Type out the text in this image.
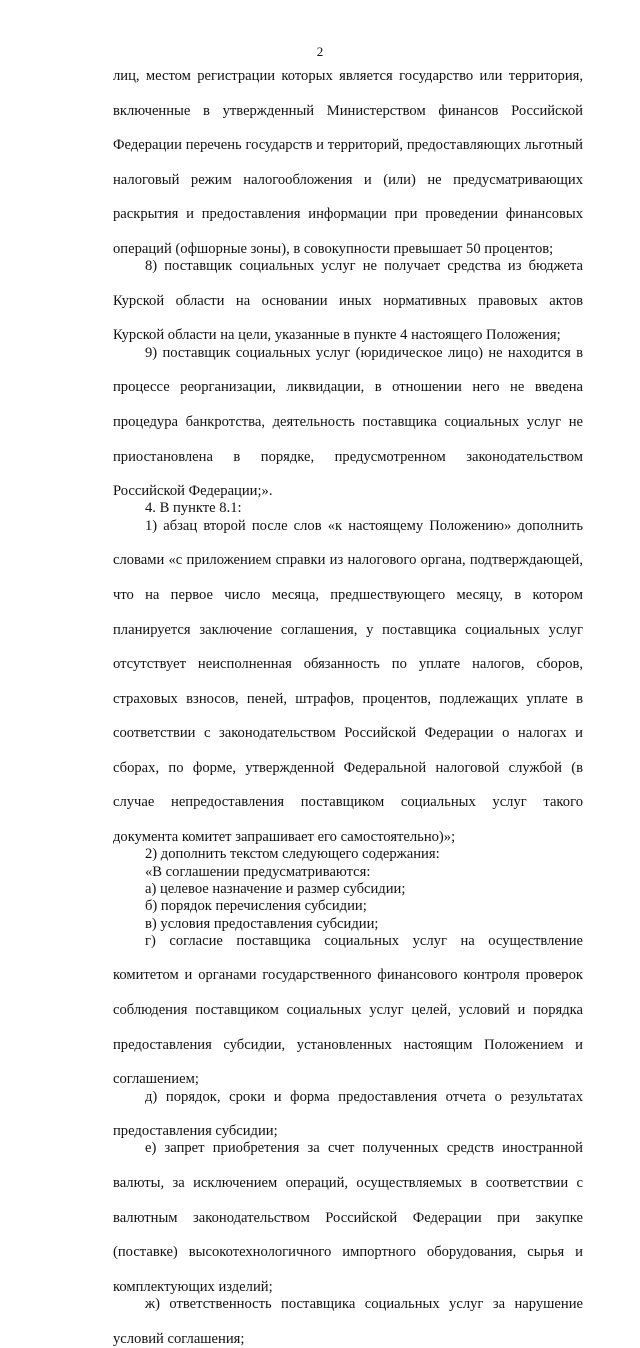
2

лиц, местом регистрации которых является государство или территория,

включенные в утвержденный Министерством финансов Российской

Федерации перечень государств и территорий, предоставляющих льготный

налоговый режим налогообложения и (или) не предусматривающих

раскрытия и предоставления информации при проведении финансовых

операций (офшорные зоны), в совокупности превышает 50 процентов;

8) поставщик социальных услуг не получает средства из бюджета

Курской области на основании иных нормативных правовых актов

Курской области на цели, указанные в пункте 4 настоящего Положения;

9) поставщик социальных услуг (юридическое лицо) не находится в

процессе реорганизации, ликвидации, в отношении него не введена

процедура банкротства, деятельность поставщика социальных услуг не

приостановлена в порядке, предусмотренном законодательством

Российской Федерации;».

4. В пункте 8.1:

1) абзац второй после слов «к настоящему Положению» дополнить

словами «с приложением справки из налогового органа, подтверждающей,

что на первое число месяца, предшествующего месяцу, в котором

планируется заключение соглашения, у поставщика социальных услуг

отсутствует неисполненная обязанность по уплате налогов, сборов,

страховых взносов, пеней, штрафов, процентов, подлежащих уплате в

соответствии с законодательством Российской Федерации о налогах и

сборах, по форме, утвержденной Федеральной налоговой службой (в

случае непредоставления поставщиком социальных услуг такого

документа комитет запрашивает его самостоятельно)»;

2) дополнить текстом следующего содержания:

«В соглашении предусматриваются:

а) целевое назначение и размер субсидии;

б) порядок перечисления субсидии;

в) условия предоставления субсидии;

г) согласие поставщика социальных услуг на осуществление

комитетом и органами государственного финансового контроля проверок

соблюдения поставщиком социальных услуг целей, условий и порядка

предоставления субсидии, установленных настоящим Положением и

соглашением;

д) порядок, сроки и форма предоставления отчета о результатах

предоставления субсидии;

е) запрет приобретения за счет полученных средств иностранной

валюты, за исключением операций, осуществляемых в соответствии с

валютным законодательством Российской Федерации при закупке

(поставке) высокотехнологичного импортного оборудования, сырья и

комплектующих изделий;

ж) ответственность поставщика социальных услуг за нарушение

условий соглашения;
